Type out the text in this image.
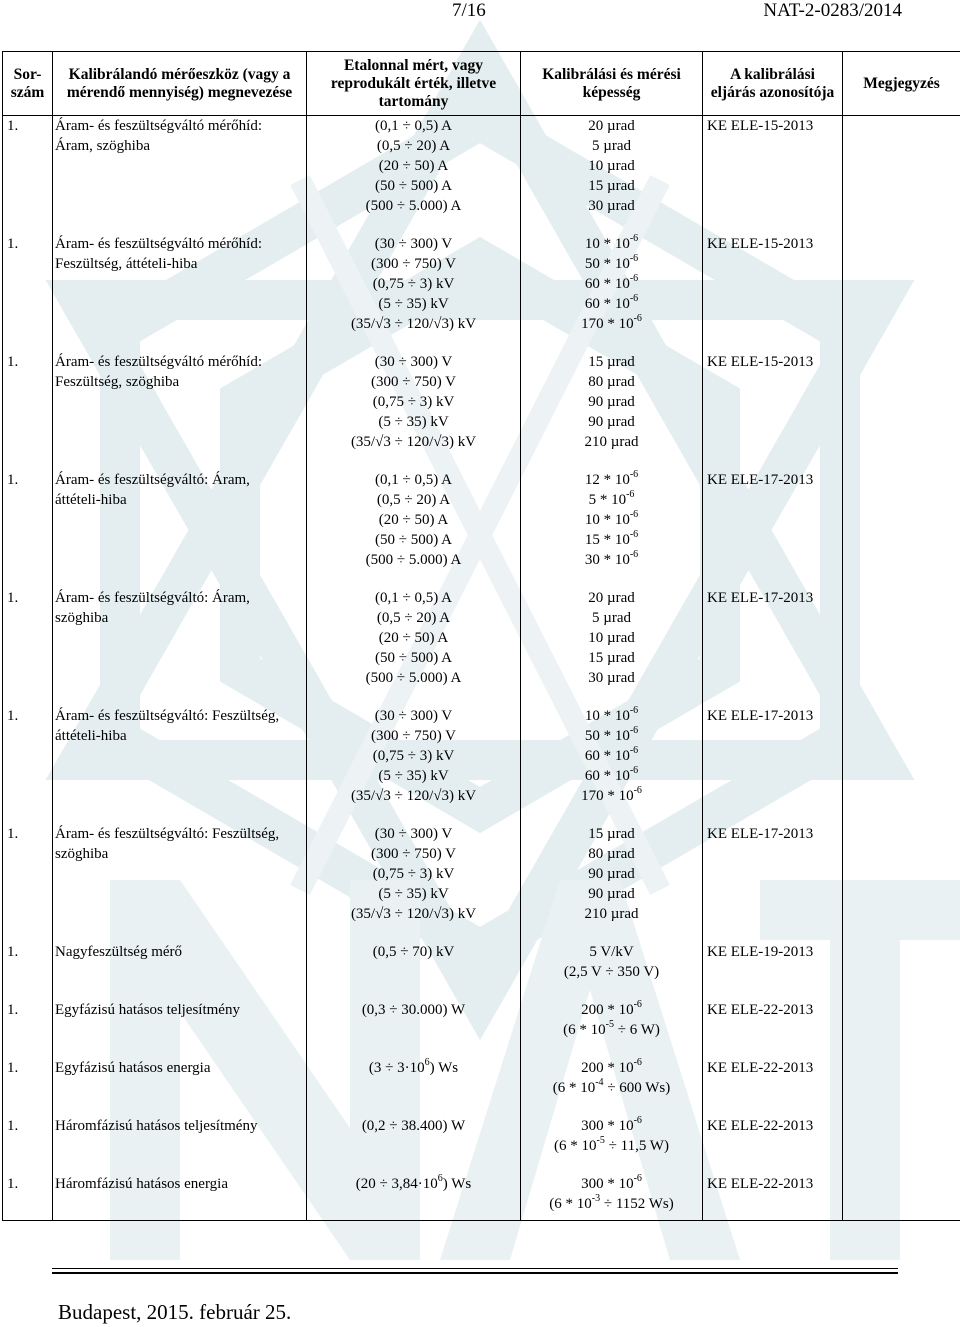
7/16	NAT-2-0283/2014
Sor-
szám	Kalibrálandó mérőeszköz (vagy a
mérendő mennyiség) megnevezése	Etalonnal mért, vagy
reprodukált érték, illetve
tartomány	Kalibrálási és mérési
képesség	A kalibrálási
eljárás azonosítója	Megjegyzés
1.	Áram- és feszültségváltó mérőhíd:
Áram, szöghiba	(0,1 ÷ 0,5) A
(0,5 ÷ 20) A
(20 ÷ 50) A
(50 ÷ 500) A
(500 ÷ 5.000) A	20 µrad
5 µrad
10 µrad
15 µrad
30 µrad	KE ELE-15-2013	
1.	Áram- és feszültségváltó mérőhíd:
Feszültség, áttételi-hiba	(30 ÷ 300) V
(300 ÷ 750) V
(0,75 ÷ 3) kV
(5 ÷ 35) kV
(35/√3 ÷ 120/√3) kV	$10 * 10^{-6}$
$50 * 10^{-6}$
$60 * 10^{-6}$
$60 * 10^{-6}$
$170 * 10^{-6}$	KE ELE-15-2013	
1.	Áram- és feszültségváltó mérőhíd:
Feszültség, szöghiba	(30 ÷ 300) V
(300 ÷ 750) V
(0,75 ÷ 3) kV
(5 ÷ 35) kV
(35/√3 ÷ 120/√3) kV	15 µrad
80 µrad
90 µrad
90 µrad
210 µrad	KE ELE-15-2013	
1.	Áram- és feszültségváltó: Áram,
áttételi-hiba	(0,1 ÷ 0,5) A
(0,5 ÷ 20) A
(20 ÷ 50) A
(50 ÷ 500) A
(500 ÷ 5.000) A	$12 * 10^{-6}$
$5 * 10^{-6}$
$10 * 10^{-6}$
$15 * 10^{-6}$
$30 * 10^{-6}$	KE ELE-17-2013	
1.	Áram- és feszültségváltó: Áram,
szöghiba	(0,1 ÷ 0,5) A
(0,5 ÷ 20) A
(20 ÷ 50) A
(50 ÷ 500) A
(500 ÷ 5.000) A	20 µrad
5 µrad
10 µrad
15 µrad
30 µrad	KE ELE-17-2013	
1.	Áram- és feszültségváltó: Feszültség,
áttételi-hiba	(30 ÷ 300) V
(300 ÷ 750) V
(0,75 ÷ 3) kV
(5 ÷ 35) kV
(35/√3 ÷ 120/√3) kV	$10 * 10^{-6}$
$50 * 10^{-6}$
$60 * 10^{-6}$
$60 * 10^{-6}$
$170 * 10^{-6}$	KE ELE-17-2013	
1.	Áram- és feszültségváltó: Feszültség,
szöghiba	(30 ÷ 300) V
(300 ÷ 750) V
(0,75 ÷ 3) kV
(5 ÷ 35) kV
(35/√3 ÷ 120/√3) kV	15 µrad
80 µrad
90 µrad
90 µrad
210 µrad	KE ELE-17-2013	
1.	Nagyfeszültség mérő	(0,5 ÷ 70) kV	5 V/kV
(2,5 V ÷ 350 V)	KE ELE-19-2013	
1.	Egyfázisú hatásos teljesítmény	(0,3 ÷ 30.000) W	$200 * 10^{-6}$
($6 * 10^{-5} \div 6$ W)	KE ELE-22-2013	
1.	Egyfázisú hatásos energia	$(3 \div 3\cdot 10^6)$ Ws	$200 * 10^{-6}$
($6 * 10^{-4} \div 600$ Ws)	KE ELE-22-2013	
1.	Háromfázisú hatásos teljesítmény	(0,2 ÷ 38.400) W	$300 * 10^{-6}$
($6 * 10^{-5} \div 11,5$ W)	KE ELE-22-2013	
1.	Háromfázisú hatásos energia	$(20 \div 3,84\cdot 10^6)$ Ws	$300 * 10^{-6}$
($6 * 10^{-3} \div 1152$ Ws)	KE ELE-22-2013	
Budapest, 2015. február 25.
